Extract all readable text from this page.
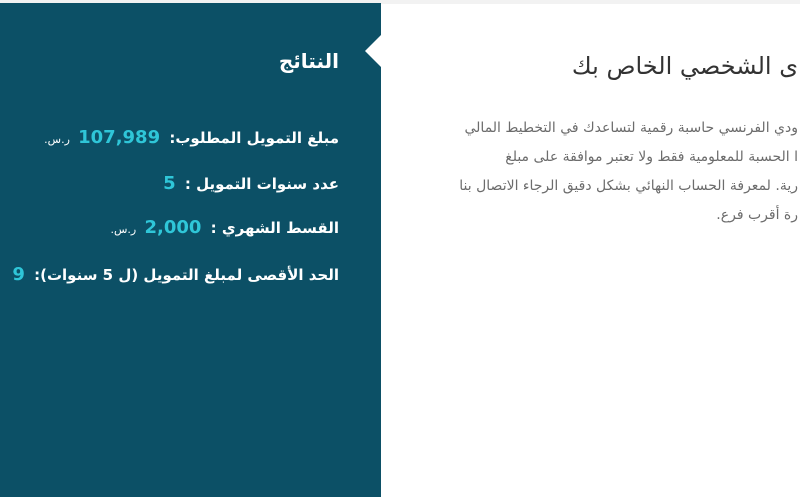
النتائج
مبلغ التمويل المطلوب: 107,989 ر.س.
عدد سنوات التمويل : 5
القسط الشهري : 2,000 ر.س.
الحد الأقصى لمبلغ التمويل (ل 5 سنوات): 9
ى الشخصي الخاص بك
ودي الفرنسي حاسبة رقمية لتساعدك في التخطيط المالي
ا الحسبة للمعلومية فقط ولا تعتبر موافقة على مبلغ
رية. لمعرفة الحساب النهائي بشكل دقيق الرجاء الاتصال بنا
رة أقرب فرع.
